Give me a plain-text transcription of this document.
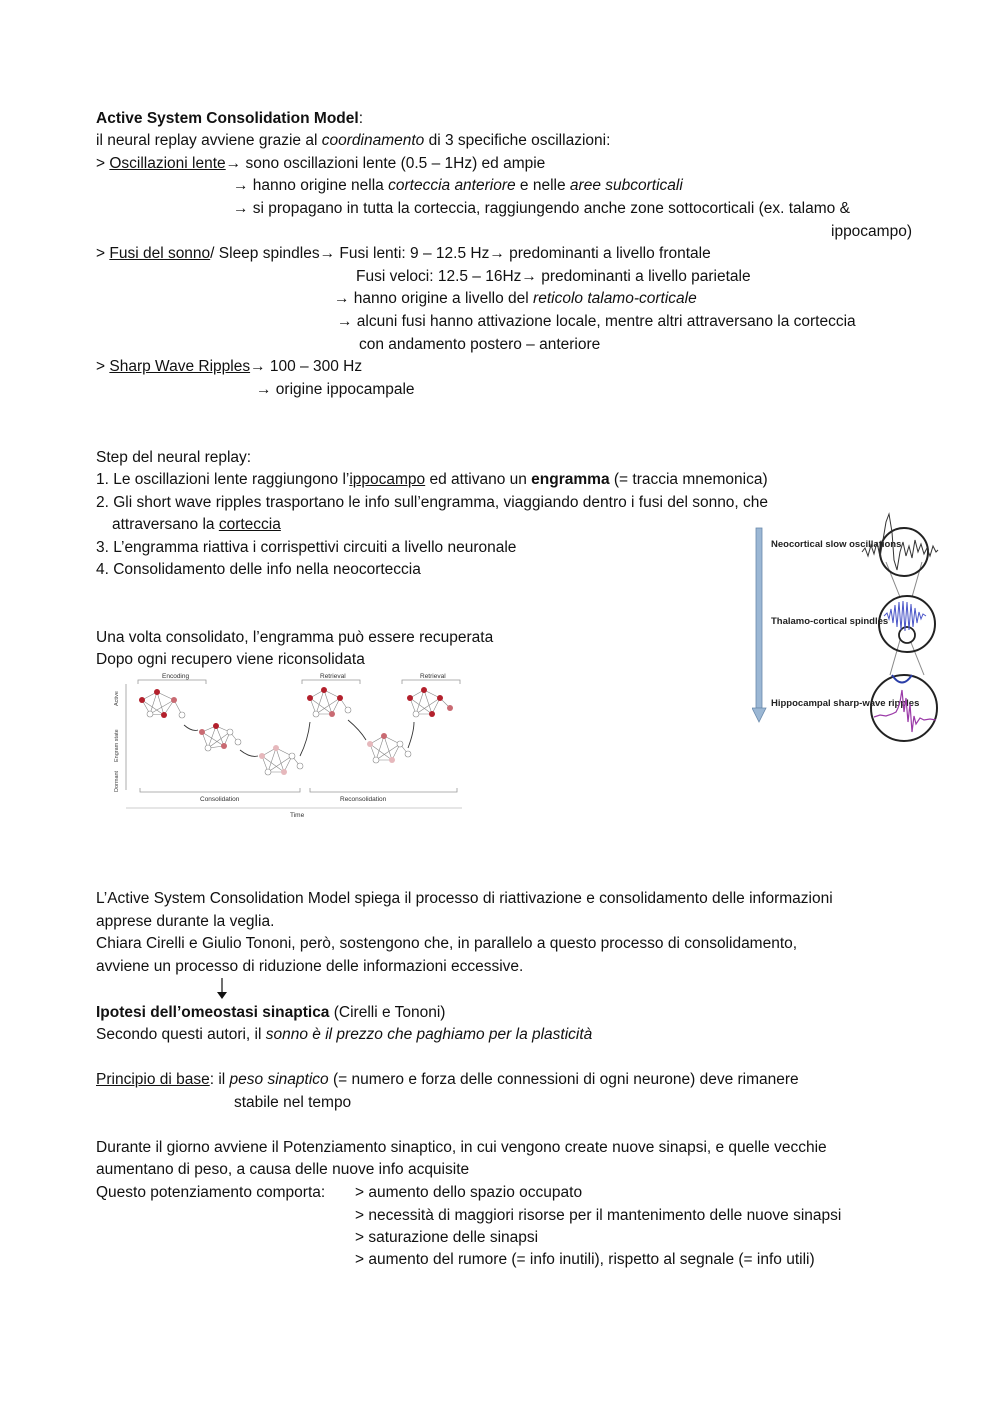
Active System Consolidation Model:
il neural replay avviene grazie al coordinamento di 3 specifiche oscillazioni:
> Oscillazioni lente→ sono oscillazioni lente (0.5 – 1Hz) ed ampie
→ hanno origine nella corteccia anteriore e nelle aree subcorticali
→ si propagano in tutta la corteccia, raggiungendo anche zone sottocorticali (ex. talamo &
ippocampo)
> Fusi del sonno/ Sleep spindles→ Fusi lenti: 9 – 12.5 Hz→ predominanti a livello frontale
Fusi veloci: 12.5 – 16Hz→ predominanti a livello parietale
→ hanno origine a livello del reticolo talamo-corticale
→ alcuni fusi hanno attivazione locale, mentre altri attraversano la corteccia
con andamento postero – anteriore
> Sharp Wave Ripples→ 100 – 300 Hz
→ origine ippocampale
Step del neural replay:
1. Le oscillazioni lente raggiungono l’ippocampo ed attivano un engramma (= traccia mnemonica)
2. Gli short wave ripples trasportano le info sull’engramma, viaggiando dentro i fusi del sonno, che
attraversano la corteccia
3. L’engramma riattiva i corrispettivi circuiti a livello neuronale
4. Consolidamento delle info nella neocorteccia
Una volta consolidato, l’engramma può essere recuperata
Dopo ogni recupero viene riconsolidata
Neocortical slow oscillations
Thalamo-cortical spindles
Hippocampal sharp-wave ripples
Encoding	Retrieval	Retrieval
Active
Engram state
Dormant
Consolidation	Reconsolidation
Time
L’Active System Consolidation Model spiega il processo di riattivazione e consolidamento delle informazioni
apprese durante la veglia.
Chiara Cirelli e Giulio Tononi, però, sostengono che, in parallelo a questo processo di consolidamento,
avviene un processo di riduzione delle informazioni eccessive.
Ipotesi dell’omeostasi sinaptica (Cirelli e Tononi)
Secondo questi autori, il sonno è il prezzo che paghiamo per la plasticità
Principio di base: il peso sinaptico (= numero e forza delle connessioni di ogni neurone) deve rimanere
stabile nel tempo
Durante il giorno avviene il Potenziamento sinaptico, in cui vengono create nuove sinapsi, e quelle vecchie
aumentano di peso, a causa delle nuove info acquisite
Questo potenziamento comporta: > aumento dello spazio occupato
> necessità di maggiori risorse per il mantenimento delle nuove sinapsi
> saturazione delle sinapsi
> aumento del rumore (= info inutili), rispetto al segnale (= info utili)
